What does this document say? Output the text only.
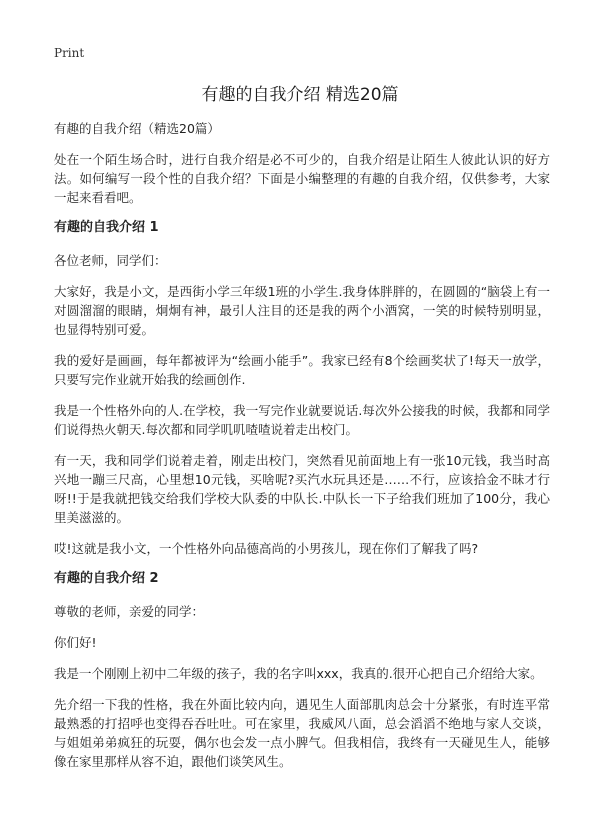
Print
有趣的自我介绍 精选20篇
有趣的自我介绍（精选20篇）

处在一个陌生场合时，进行自我介绍是必不可少的，自我介绍是让陌生人彼此认识的好方法。如何编写一段个性的自我介绍？下面是小编整理的有趣的自我介绍，仅供参考，大家一起来看看吧。

有趣的自我介绍 1

各位老师，同学们：

大家好，我是小文，是西街小学三年级1班的小学生.我身体胖胖的，在圆圆的“脑袋上有一对圆溜溜的眼睛，炯炯有神，最引人注目的还是我的两个小酒窝，一笑的时候特别明显，也显得特别可爱。

我的爱好是画画，每年都被评为“绘画小能手”。我家已经有8个绘画奖状了!每天一放学，只要写完作业就开始我的绘画创作.

我是一个性格外向的人.在学校，我一写完作业就要说话.每次外公接我的时候，我都和同学们说得热火朝天.每次都和同学叽叽喳喳说着走出校门。

有一天，我和同学们说着走着，刚走出校门，突然看见前面地上有一张10元钱，我当时高兴地一蹦三尺高，心里想10元钱，买啥呢?买汽水玩具还是……不行，应该拾金不昧才行呀!!于是我就把钱交给我们学校大队委的中队长.中队长一下子给我们班加了100分，我心里美滋滋的。

哎!这就是我小文，一个性格外向品德高尚的小男孩儿，现在你们了解我了吗?

有趣的自我介绍 2

尊敬的老师，亲爱的同学：

你们好!

我是一个刚刚上初中二年级的孩子，我的名字叫xxx，我真的.很开心把自己介绍给大家。

先介绍一下我的性格，我在外面比较内向，遇见生人面部肌肉总会十分紧张，有时连平常最熟悉的打招呼也变得吞吞吐吐。可在家里，我威风八面，总会滔滔不绝地与家人交谈，与姐姐弟弟疯狂的玩耍，偶尔也会发一点小脾气。但我相信，我终有一天碰见生人，能够像在家里那样从容不迫，跟他们谈笑风生。
